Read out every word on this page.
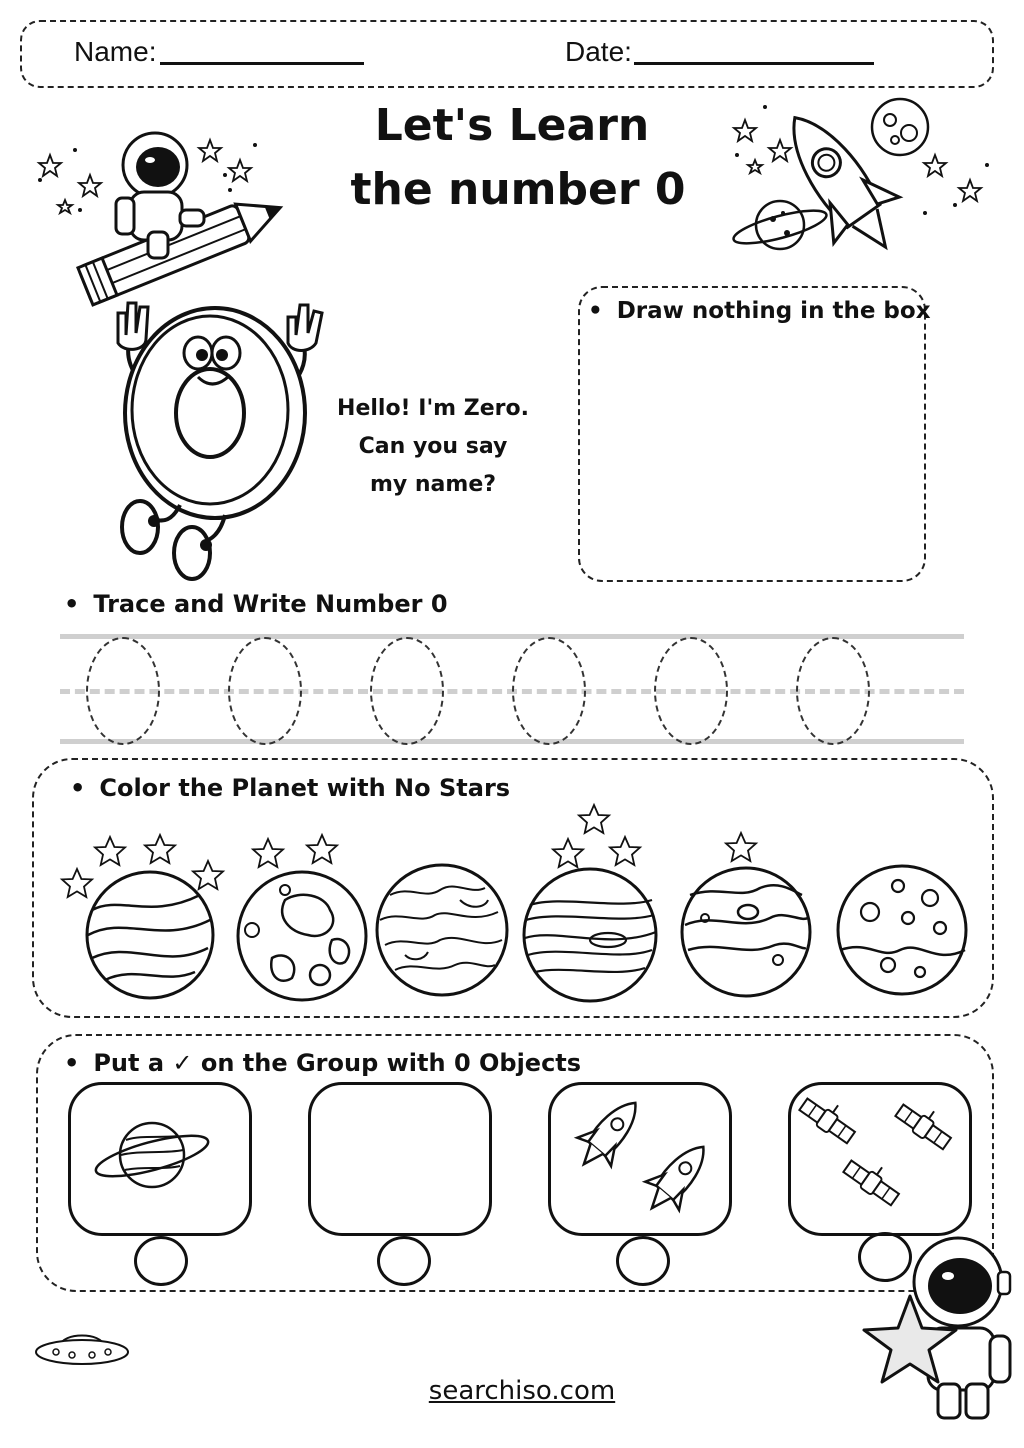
Name:	Date:
Let's Learn
the number 0
Hello! I'm Zero.
Can you say
my name?
• Draw nothing in the box
• Trace and Write Number 0
• Color the Planet with No Stars
• Put a ✓ on the Group with 0 Objects
searchiso.com
